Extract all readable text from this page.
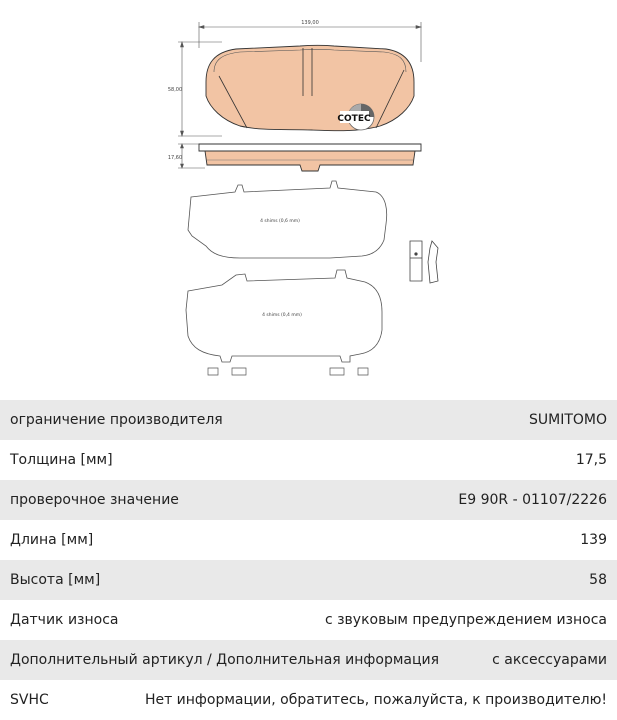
139,00
58,00
COTEC
17,60
4 shims (0,6 mm)
4 shims (0,4 mm)
ограничение производителя	SUMITOMO
Толщина [мм]	17,5
проверочное значение	E9 90R - 01107/2226
Длина [мм]	139
Высота [мм]	58
Датчик износа	с звуковым предупреждением износа
Дополнительный артикул / Дополнительная информация	с аксессуарами
SVHC	Нет информации, обратитесь, пожалуйста, к производителю!
